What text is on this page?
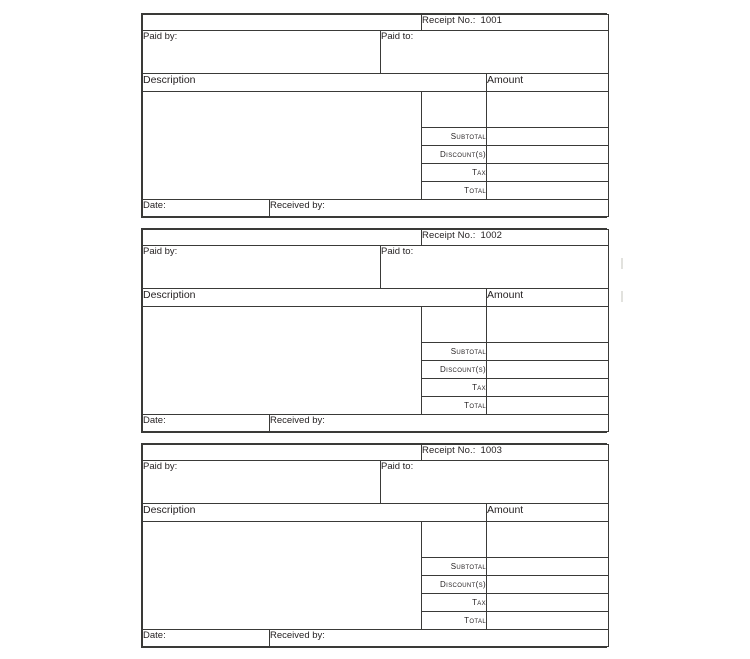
			Receipt No.: 1001	
Paid by:		Paid to:		
Description				Amount

			Subtotal	
			Discount(s)	
			Tax	
			Total	
Date:	Received by:			
			Receipt No.: 1002	
Paid by:		Paid to:		
Description				Amount

			Subtotal	
			Discount(s)	
			Tax	
			Total	
Date:	Received by:			
			Receipt No.: 1003	
Paid by:		Paid to:		
Description				Amount

			Subtotal	
			Discount(s)	
			Tax	
			Total	
Date:	Received by:			
